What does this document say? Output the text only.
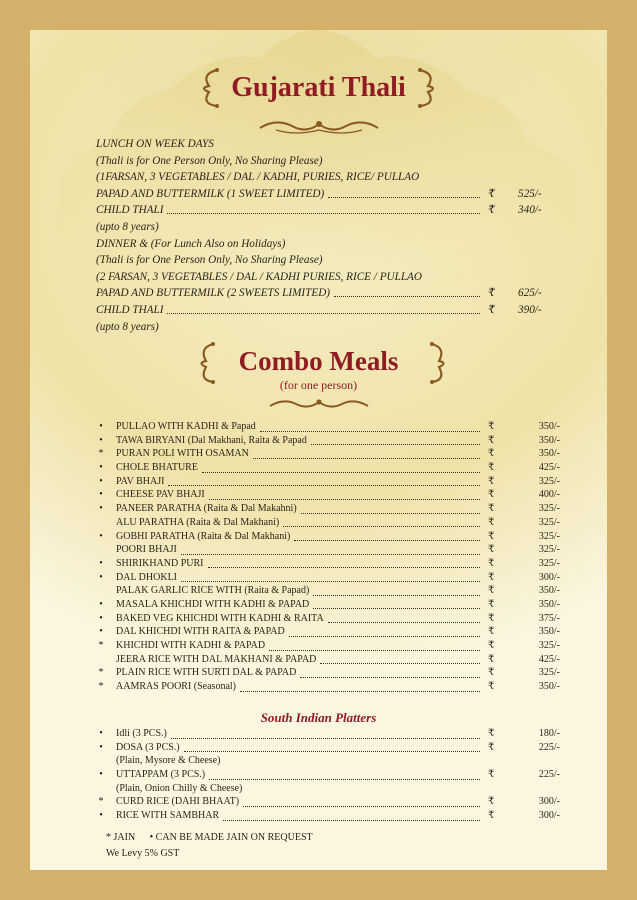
Gujarati Thali
LUNCH ON WEEK DAYS
(Thali is for One Person Only, No Sharing Please)
(1FARSAN, 3 VEGETABLES / DAL / KADHI, PURIES, RICE/ PULLAO
PAPAD AND BUTTERMILK (1 SWEET LIMITED)	₹ 525/-
CHILD THALI	₹ 340/-
(upto 8 years)
DINNER & (For Lunch Also on Holidays)
(Thali is for One Person Only, No Sharing Please)
(2 FARSAN, 3 VEGETABLES / DAL / KADHI PURIES, RICE / PULLAO
PAPAD AND BUTTERMILK (2 SWEETS LIMITED)	₹ 625/-
CHILD THALI	₹ 390/-
(upto 8 years)
Combo Meals
(for one person)
•	PULLAO WITH KADHI & Papad	₹	350/-
•	TAWA BIRYANI (Dal Makhani, Raita & Papad	₹	350/-
* PURAN POLI WITH OSAMAN	₹	350/-
•	CHOLE BHATURE	₹	425/-
•	PAV BHAJI	₹	325/-
•	CHEESE PAV BHAJI	₹	400/-
•	PANEER PARATHA (Raita & Dal Makahni)	₹	325/-
ALU PARATHA (Raita & Dal Makhani)	₹	325/-
•	GOBHI PARATHA (Raita & Dal Makhani)	₹	325/-
POORI BHAJI	₹	325/-
•	SHIRIKHAND PURI	₹	325/-
•	DAL DHOKLI	₹	300/-
PALAK GARLIC RICE WITH (Raita & Papad)	₹	350/-
•	MASALA KHICHDI WITH KADHI & PAPAD	₹	350/-
•	BAKED VEG KHICHDI WITH KADHI & RAITA	₹	375/-
•	DAL KHICHDI WITH RAITA & PAPAD	₹	350/-
* KHICHDI WITH KADHI & PAPAD	₹	325/-
JEERA RICE WITH DAL MAKHANI & PAPAD	₹	425/-
* PLAIN RICE WITH SURTI DAL & PAPAD	₹	325/-
* AAMRAS POORI (Seasonal)	₹	350/-
South Indian Platters
•	Idli (3 PCS.)	₹	180/-
•	DOSA (3 PCS.)	₹	225/-
(Plain, Mysore & Cheese)
•	UTTAPPAM (3 PCS.)	₹	225/-
(Plain, Onion Chilly & Cheese)
* CURD RICE (DAHI BHAAT)	₹	300/-
•	RICE WITH SAMBHAR	₹	300/-
* JAIN • CAN BE MADE JAIN ON REQUEST
We Levy 5% GST
